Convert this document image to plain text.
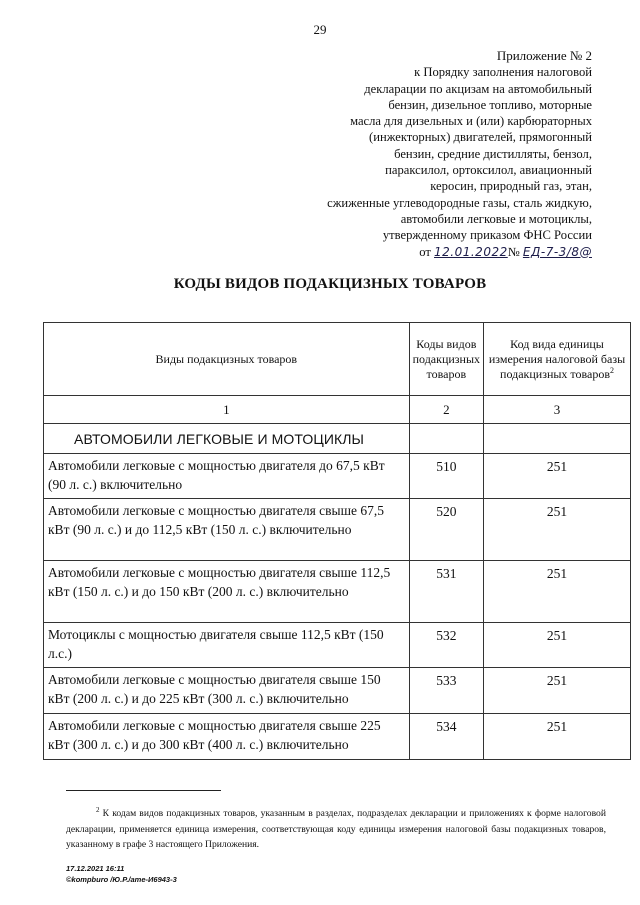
29
Приложение № 2
к Порядку заполнения налоговой
декларации по акцизам на автомобильный
бензин, дизельное топливо, моторные
масла для дизельных и (или) карбюраторных
(инжекторных) двигателей, прямогонный
бензин, средние дистилляты, бензол,
параксилол, ортоксилол, авиационный
керосин, природный газ, этан,
сжиженные углеводородные газы, сталь жидкую,
автомобили легковые и мотоциклы,
утвержденному приказом ФНС России
от 12.01.2022№ ЕД-7-3/8@
КОДЫ ВИДОВ ПОДАКЦИЗНЫХ ТОВАРОВ
Виды подакцизных товаров	Коды видов подакцизных товаров	Код вида единицы измерения налоговой базы подакцизных товаров$^2$
1	2	3
АВТОМОБИЛИ ЛЕГКОВЫЕ И МОТОЦИКЛЫ		
Автомобили легковые с мощностью двигателя до 67,5 кВт (90 л. с.) включительно	510	251
Автомобили легковые с мощностью двигателя свыше 67,5 кВт (90 л. с.) и до 112,5 кВт (150 л. с.) включительно	520	251
Автомобили легковые с мощностью двигателя свыше 112,5 кВт (150 л. с.) и до 150 кВт (200 л. с.) включительно	531	251
Мотоциклы с мощностью двигателя свыше 112,5 кВт (150 л.с.)	532	251
Автомобили легковые с мощностью двигателя свыше 150 кВт (200 л. с.) и до 225 кВт (300 л. с.) включительно	533	251
Автомобили легковые с мощностью двигателя свыше 225 кВт (300 л. с.) и до 300 кВт (400 л. с.) включительно	534	251
$^2$ К кодам видов подакцизных товаров, указанным в разделах, подразделах декларации и приложениях к форме налоговой декларации, применяется единица измерения, соответствующая коду единицы измерения налоговой базы подакцизных товаров, указанному в графе 3 настоящего Приложения.
17.12.2021 16:11
©kompburo /Ю.Р./ame-И6943-3
